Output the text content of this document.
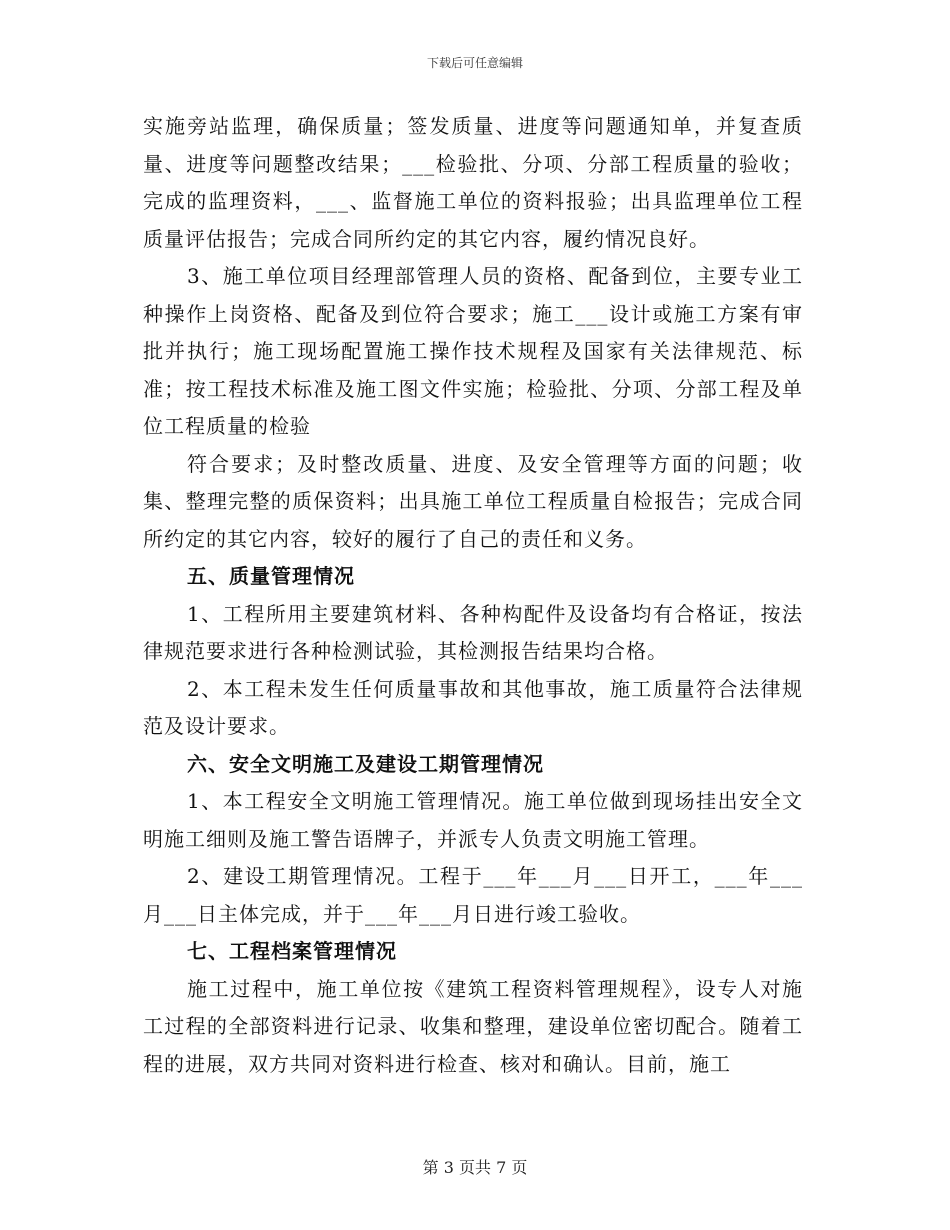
下载后可任意编辑

实施旁站监理，确保质量；签发质量、进度等问题通知单，并复查质量、进度等问题整改结果；___检验批、分项、分部工程质量的验收；完成的监理资料，___、监督施工单位的资料报验；出具监理单位工程质量评估报告；完成合同所约定的其它内容，履约情况良好。

3、施工单位项目经理部管理人员的资格、配备到位，主要专业工种操作上岗资格、配备及到位符合要求；施工___设计或施工方案有审批并执行；施工现场配置施工操作技术规程及国家有关法律规范、标准；按工程技术标准及施工图文件实施；检验批、分项、分部工程及单位工程质量的检验

符合要求；及时整改质量、进度、及安全管理等方面的问题；收集、整理完整的质保资料；出具施工单位工程质量自检报告；完成合同所约定的其它内容，较好的履行了自己的责任和义务。

五、质量管理情况

1、工程所用主要建筑材料、各种构配件及设备均有合格证，按法律规范要求进行各种检测试验，其检测报告结果均合格。

2、本工程未发生任何质量事故和其他事故，施工质量符合法律规范及设计要求。

六、安全文明施工及建设工期管理情况

1、本工程安全文明施工管理情况。施工单位做到现场挂出安全文明施工细则及施工警告语牌子，并派专人负责文明施工管理。

2、建设工期管理情况。工程于___年___月___日开工，___年___月___日主体完成，并于___年___月日进行竣工验收。

七、工程档案管理情况

施工过程中，施工单位按《建筑工程资料管理规程》，设专人对施工过程的全部资料进行记录、收集和整理，建设单位密切配合。随着工程的进展，双方共同对资料进行检查、核对和确认。目前，施工

第 3 页共 7 页
